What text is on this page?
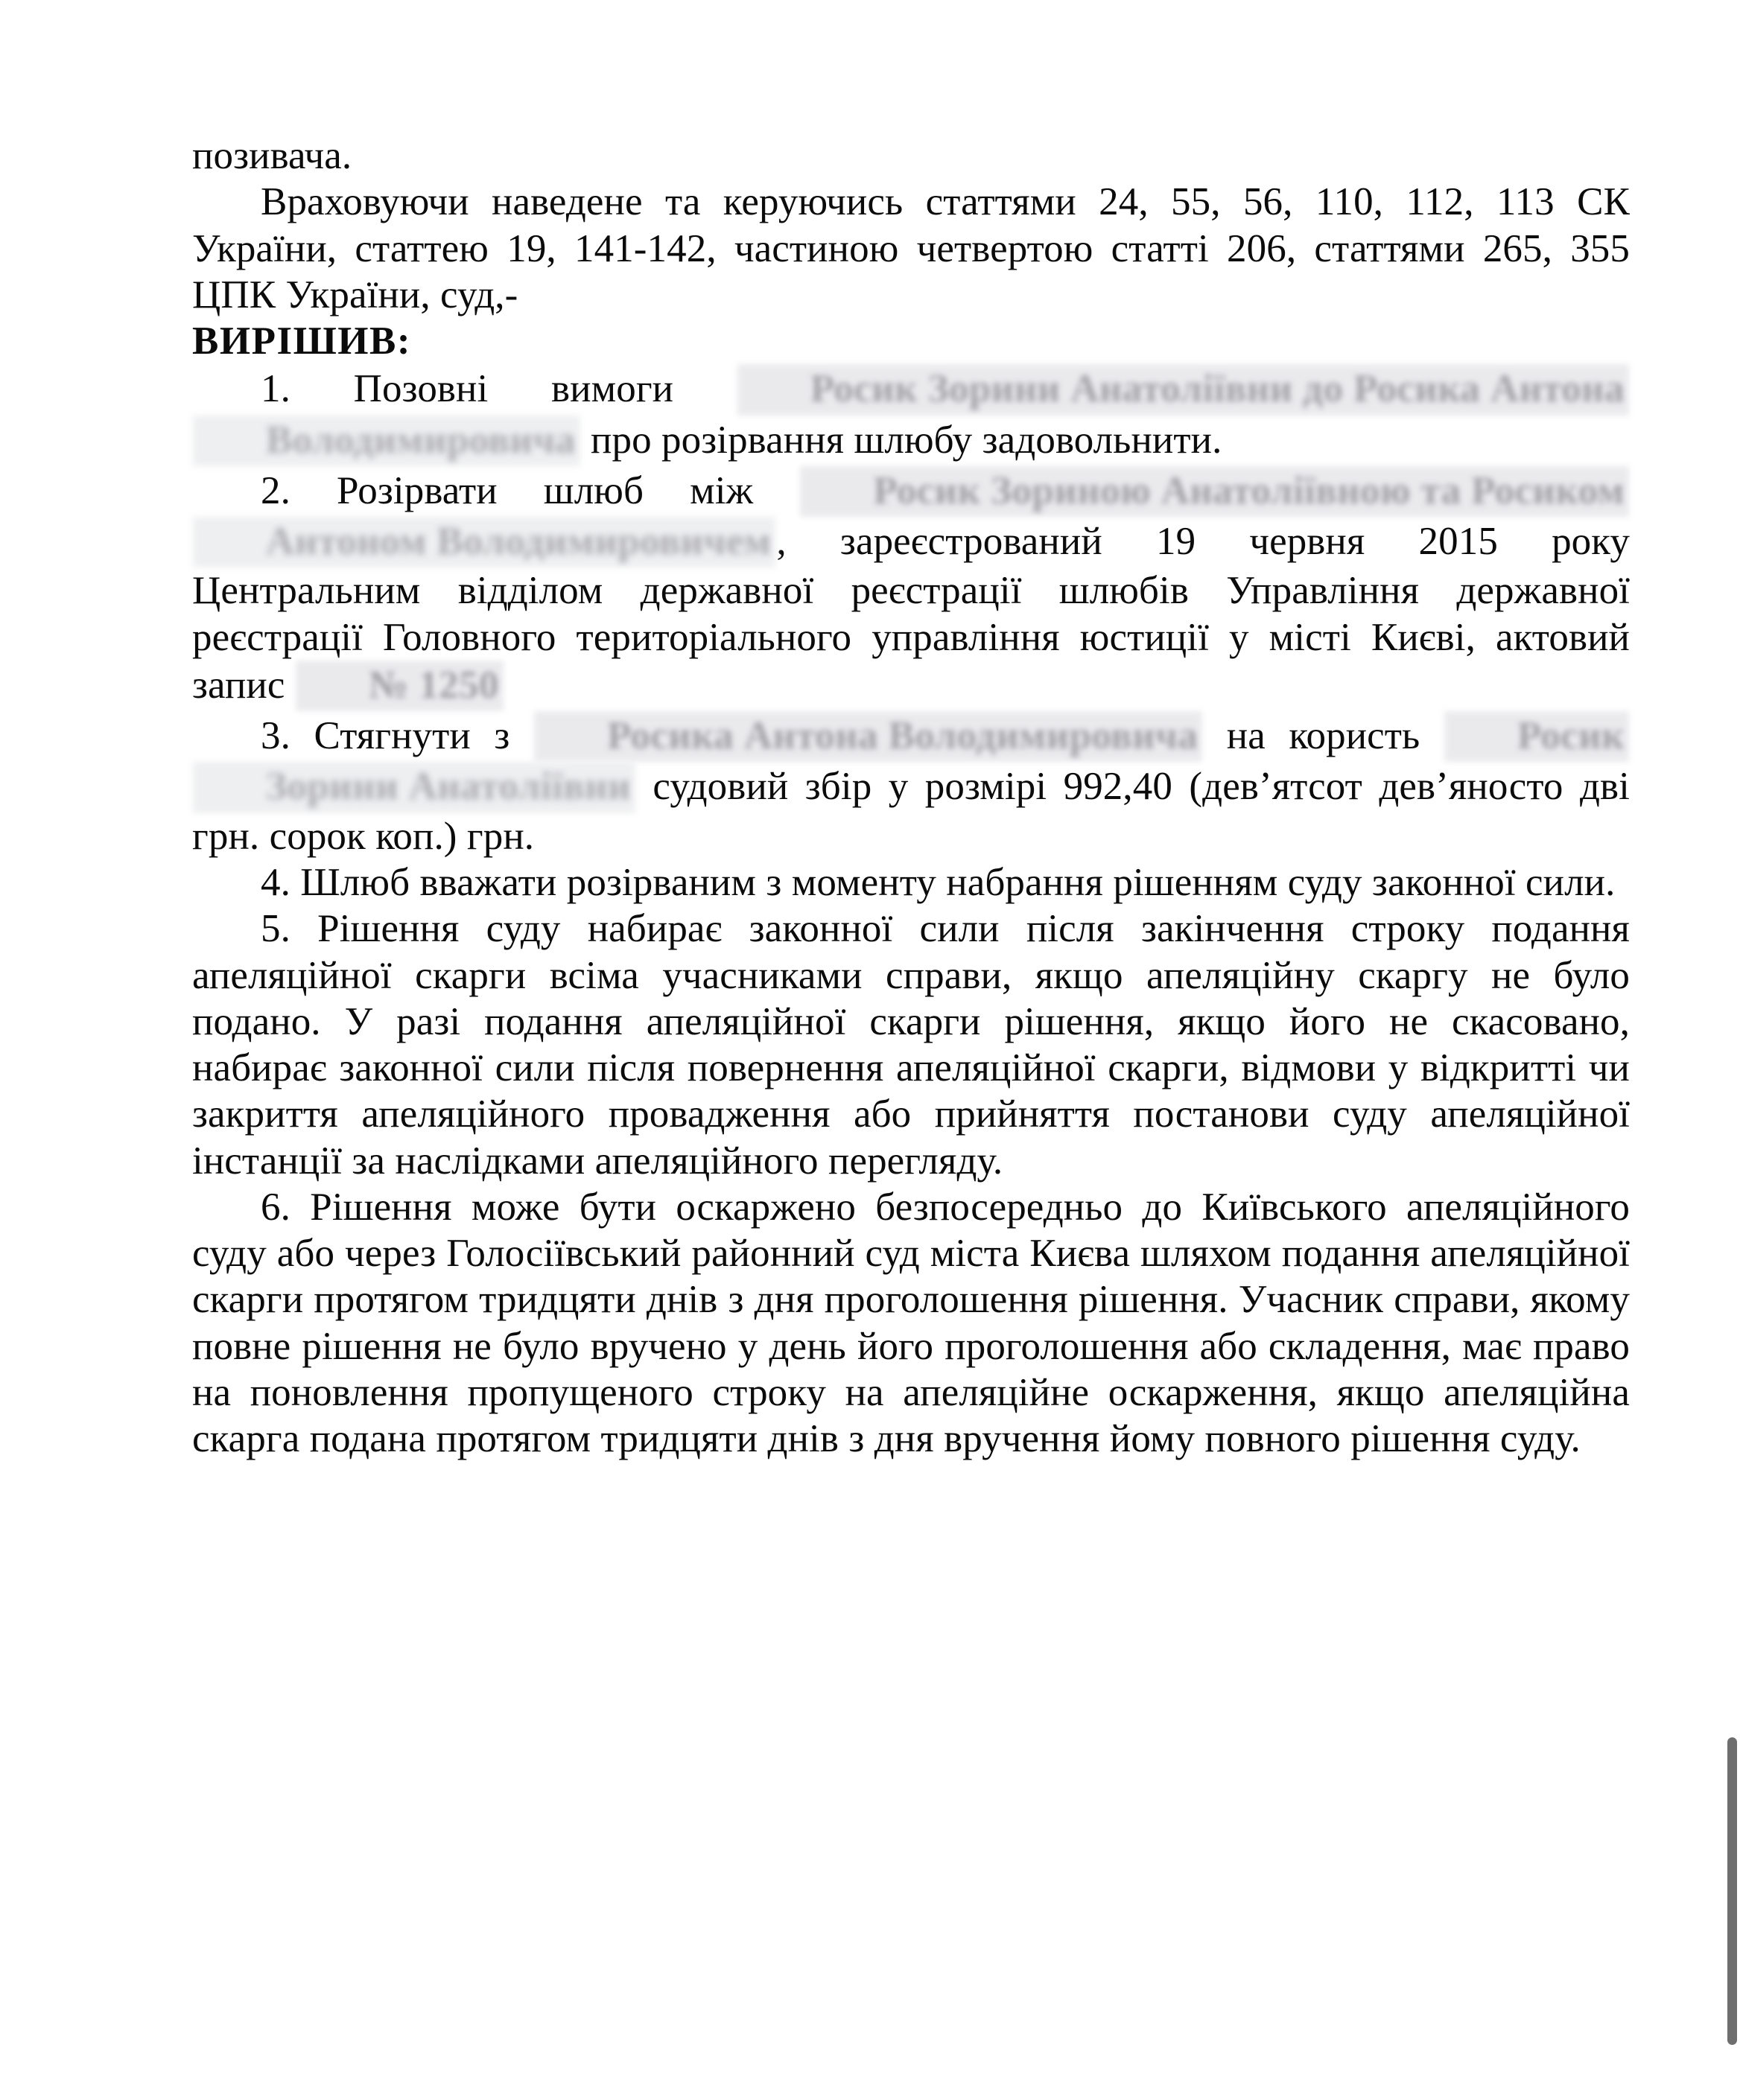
позивача.

Враховуючи наведене та керуючись статтями 24, 55, 56, 110, 112, 113 СК України, статтею 19, 141-142, частиною четвертою статті 206, статтями 265, 355 ЦПК України, суд,-

ВИРІШИВ:

1. Позовні вимоги Росик Зорини Анатоліївни до Росика АнтонаВолодимировича про розірвання шлюбу задовольнити.

2. Розірвати шлюб між Росик Зориною Анатоліївною та РосикомАнтоном Володимировичем , зареєстрований 19 червня 2015 року Центральним відділом державної реєстрації шлюбів Управління державної реєстрації Головного територіального управління юстиції у місті Києві, актовий запис № 1250

3. Стягнути з Росика Антона Володимировича на користь РосикЗорини Анатоліївни судовий збір у розмірі 992,40 (дев’ятсот дев’яносто дві грн. сорок коп.) грн.

4. Шлюб вважати розірваним з моменту набрання рішенням суду законної сили.

5. Рішення суду набирає законної сили після закінчення строку подання апеляційної скарги всіма учасниками справи, якщо апеляційну скаргу не було подано. У разі подання апеляційної скарги рішення, якщо його не скасовано, набирає законної сили після повернення апеляційної скарги, відмови у відкритті чи закриття апеляційного провадження або прийняття постанови суду апеляційної інстанції за наслідками апеляційного перегляду.

6. Рішення може бути оскаржено безпосередньо до Київського апеляційного суду або через Голосіївський районний суд міста Києва шляхом подання апеляційної скарги протягом тридцяти днів з дня проголошення рішення. Учасник справи, якому повне рішення не було вручено у день його проголошення або складення, має право на поновлення пропущеного строку на апеляційне оскарження, якщо апеляційна скарга подана протягом тридцяти днів з дня вручення йому повного рішення суду.
